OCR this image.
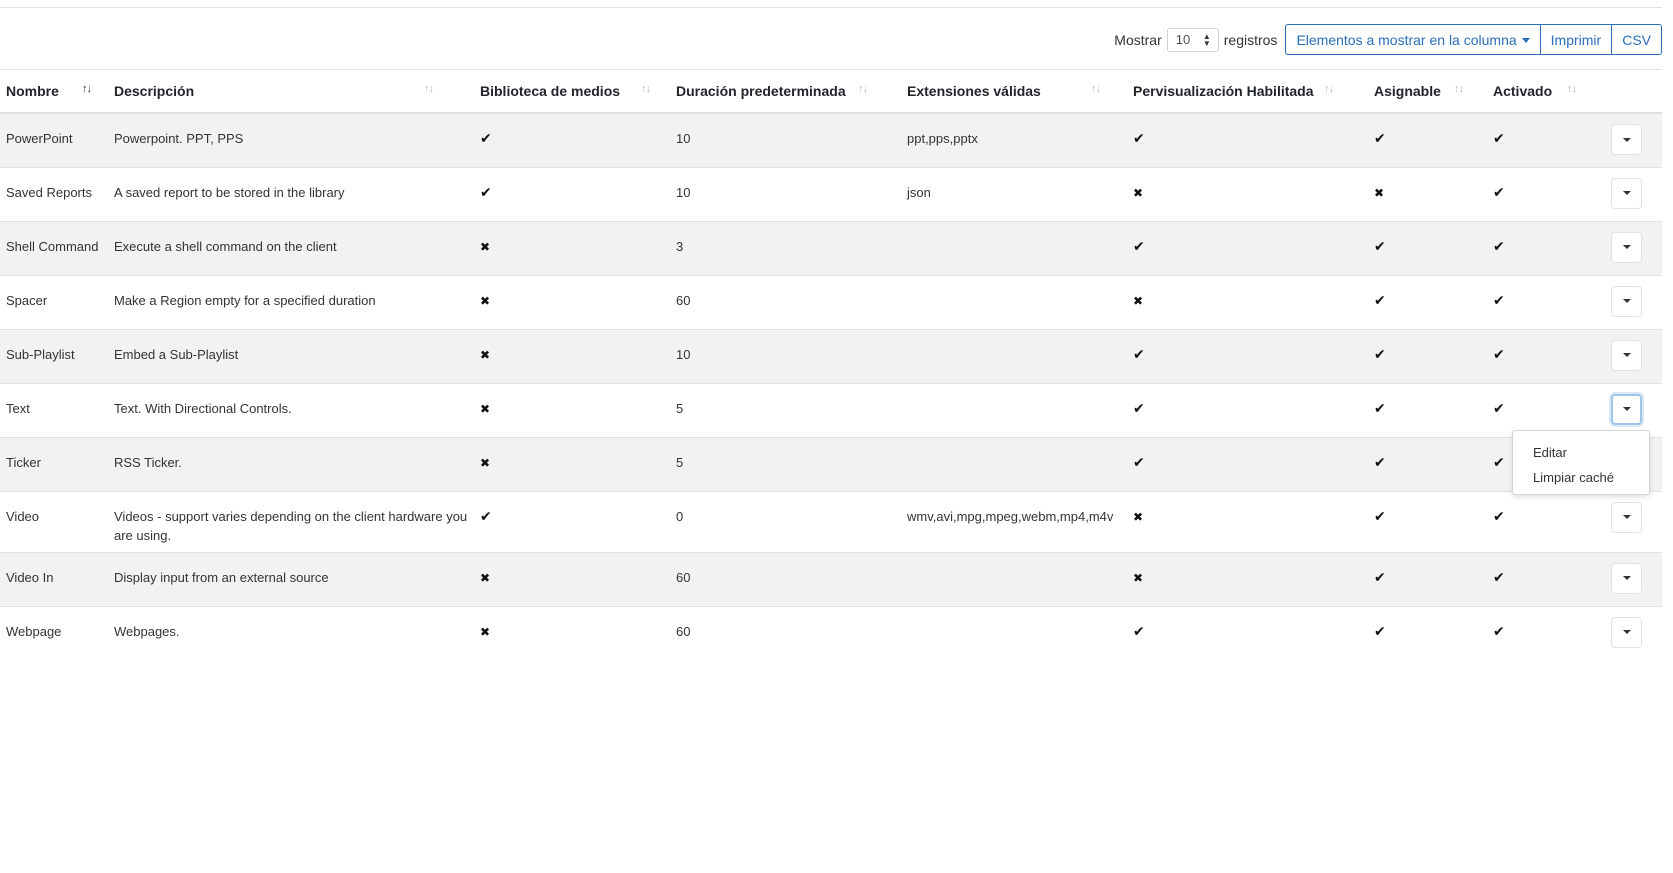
Mostrar 10 ▲
▼ registros Elementos a mostrar en la columna	Imprimir	CSV
Nombre ↑↓	Descripción ↑↓	Biblioteca de medios ↑↓	Duración predeterminada ↑↓	Extensiones válidas ↑↓	Pervisualización Habilitada ↑↓	Asignable ↑↓	Activado ↑↓	

PowerPoint	Powerpoint. PPT, PPS	✔	10	ppt,pps,pptx	✔	✔	✔	

Saved Reports	A saved report to be stored in the library	✔	10	json	✖	✖	✔	

Shell Command	Execute a shell command on the client	✖	3		✔	✔	✔	

Spacer	Make a Region empty for a specified duration	✖	60		✖	✔	✔	

Sub-Playlist	Embed a Sub-Playlist	✖	10		✔	✔	✔	

Text	Text. With Directional Controls.	✖	5		✔	✔	✔	

Ticker	RSS Ticker.	✖	5		✔	✔	✔	

Video	Videos - support varies depending on the client hardware you are using.	✔	0	wmv,avi,mpg,mpeg,webm,mp4,m4v	✖	✔	✔	

Video In	Display input from an external source	✖	60		✖	✔	✔	

Webpage	Webpages.	✖	60		✔	✔	✔	
Editar
Limpiar caché
